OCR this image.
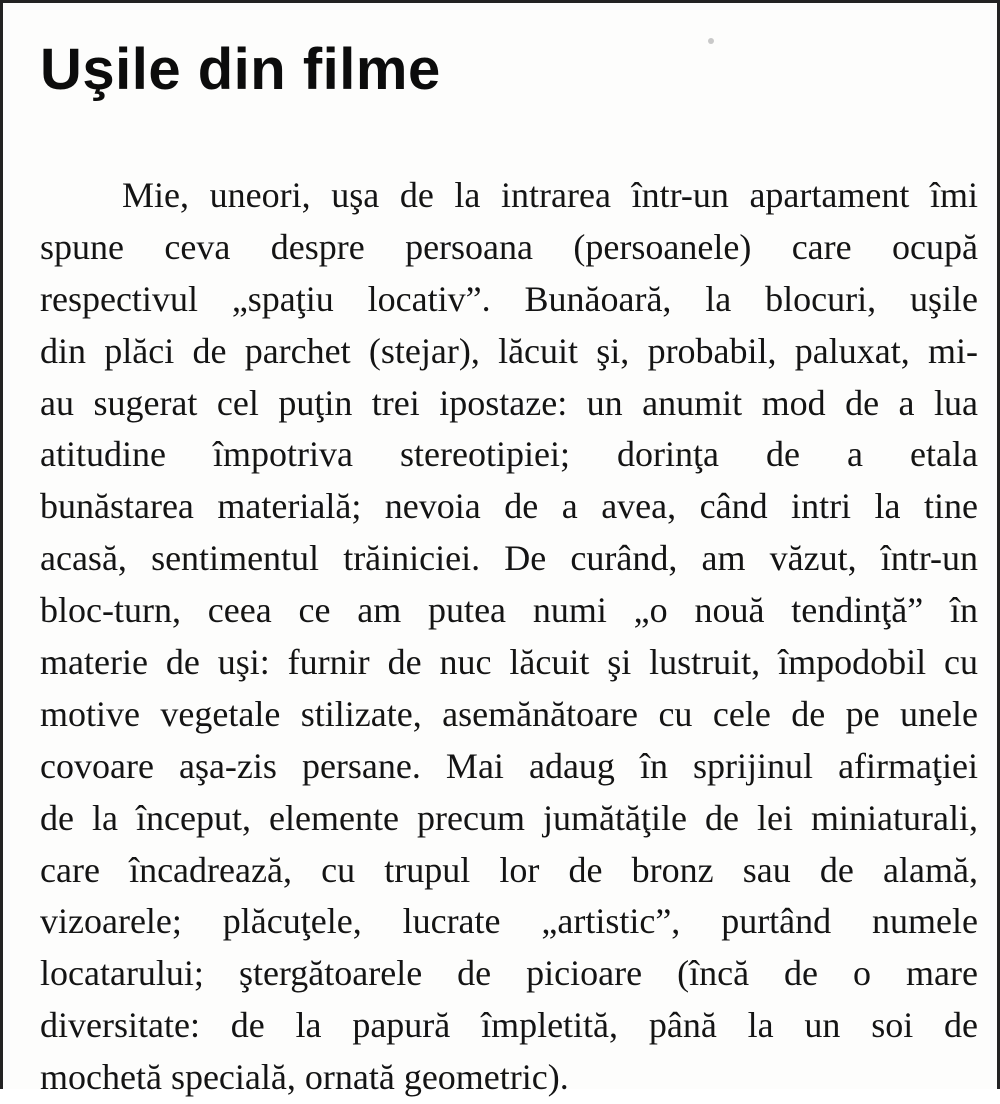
Uşile din filme
Mie, uneori, uşa de la intrarea într-un apartament îmi
spune ceva despre persoana (persoanele) care ocupă
respectivul „spaţiu locativ”. Bunăoară, la blocuri, uşile
din plăci de parchet (stejar), lăcuit şi, probabil, paluxat, mi-
au sugerat cel puţin trei ipostaze: un anumit mod de a lua
atitudine împotriva stereotipiei; dorinţa de a etala
bunăstarea materială; nevoia de a avea, când intri la tine
acasă, sentimentul trăiniciei. De curând, am văzut, într-un
bloc-turn, ceea ce am putea numi „o nouă tendinţă” în
materie de uşi: furnir de nuc lăcuit şi lustruit, împodobil cu
motive vegetale stilizate, asemănătoare cu cele de pe unele
covoare aşa-zis persane. Mai adaug în sprijinul afirmaţiei
de la început, elemente precum jumătăţile de lei miniaturali,
care încadrează, cu trupul lor de bronz sau de alamă,
vizoarele; plăcuţele, lucrate „artistic”, purtând numele
locatarului; ştergătoarele de picioare (încă de o mare
diversitate: de la papură împletită, până la un soi de
mochetă specială, ornată geometric).
